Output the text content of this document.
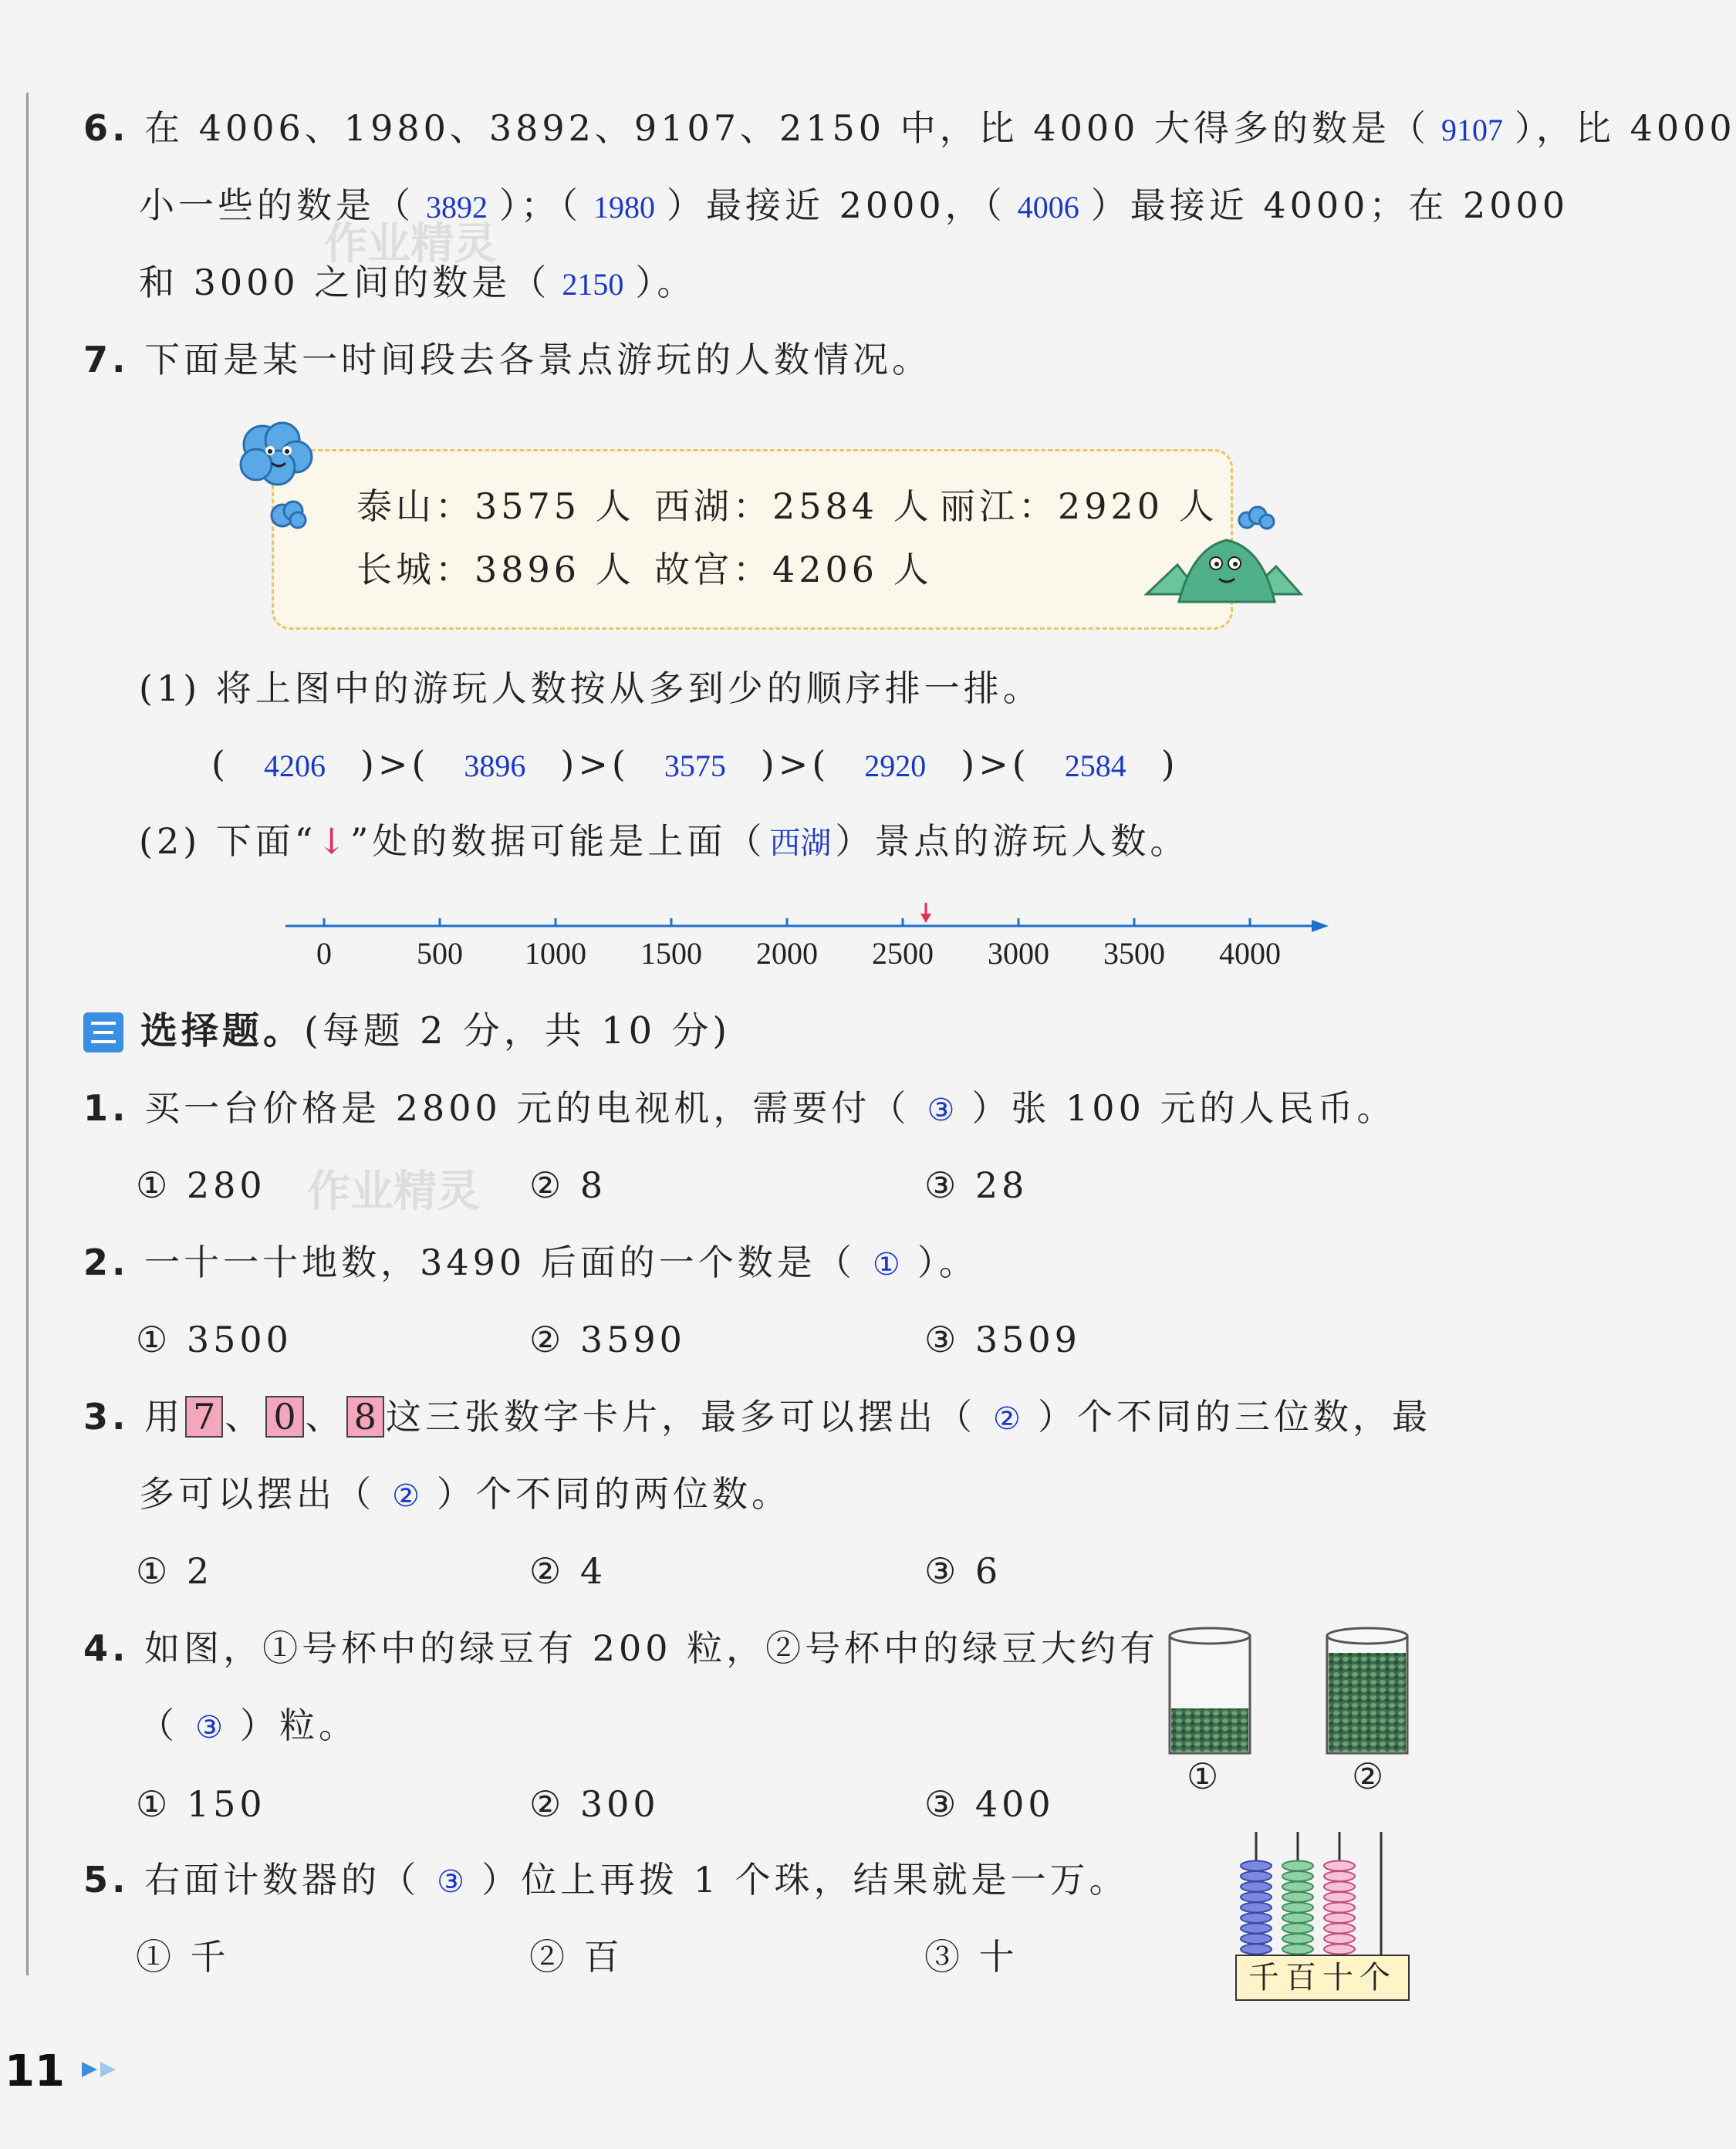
6. 在 4006、1980、3892、9107、2150 中，比 4000 大得多的数是（ 9107 ），比 4000
小一些的数是（ 3892 ）；（ 1980 ）最接近 2000，（ 4006 ）最接近 4000；在 2000
和 3000 之间的数是（ 2150 ）。
作业精灵
7. 下面是某一时间段去各景点游玩的人数情况。
泰山：3575 人 西湖：2584 人 丽江：2920 人
长城：3896 人 故宫：4206 人
(1) 将上图中的游玩人数按从多到少的顺序排一排。
( 4206 )>( 3896 )>( 3575 )>( 2920 )>( 2584 )
(2) 下面“↓”处的数据可能是上面（ 西湖 ）景点的游玩人数。
0	500 1000 1500 2000 2500 3000 3500 4000
选择题。(每题 2 分，共 10 分)
1. 买一台价格是 2800 元的电视机，需要付（ ③ ）张 100 元的人民币。
① 280	② 8	③ 28
作业精灵
2. 一十一十地数，3490 后面的一个数是（ ① ）。
① 3500	② 3590	③ 3509
3. 用 7 、 0 、 8 这三张数字卡片，最多可以摆出（ ② ）个不同的三位数，最
多可以摆出（ ② ）个不同的两位数。
① 2	② 4	③ 6
4. 如图，①号杯中的绿豆有 200 粒，②号杯中的绿豆大约有
（ ③ ）粒。
① 150	② 300	③ 400
①	②
5. 右面计数器的（ ③ ）位上再拨 1 个珠，结果就是一万。
① 千	② 百	③ 十	千百十个
11
